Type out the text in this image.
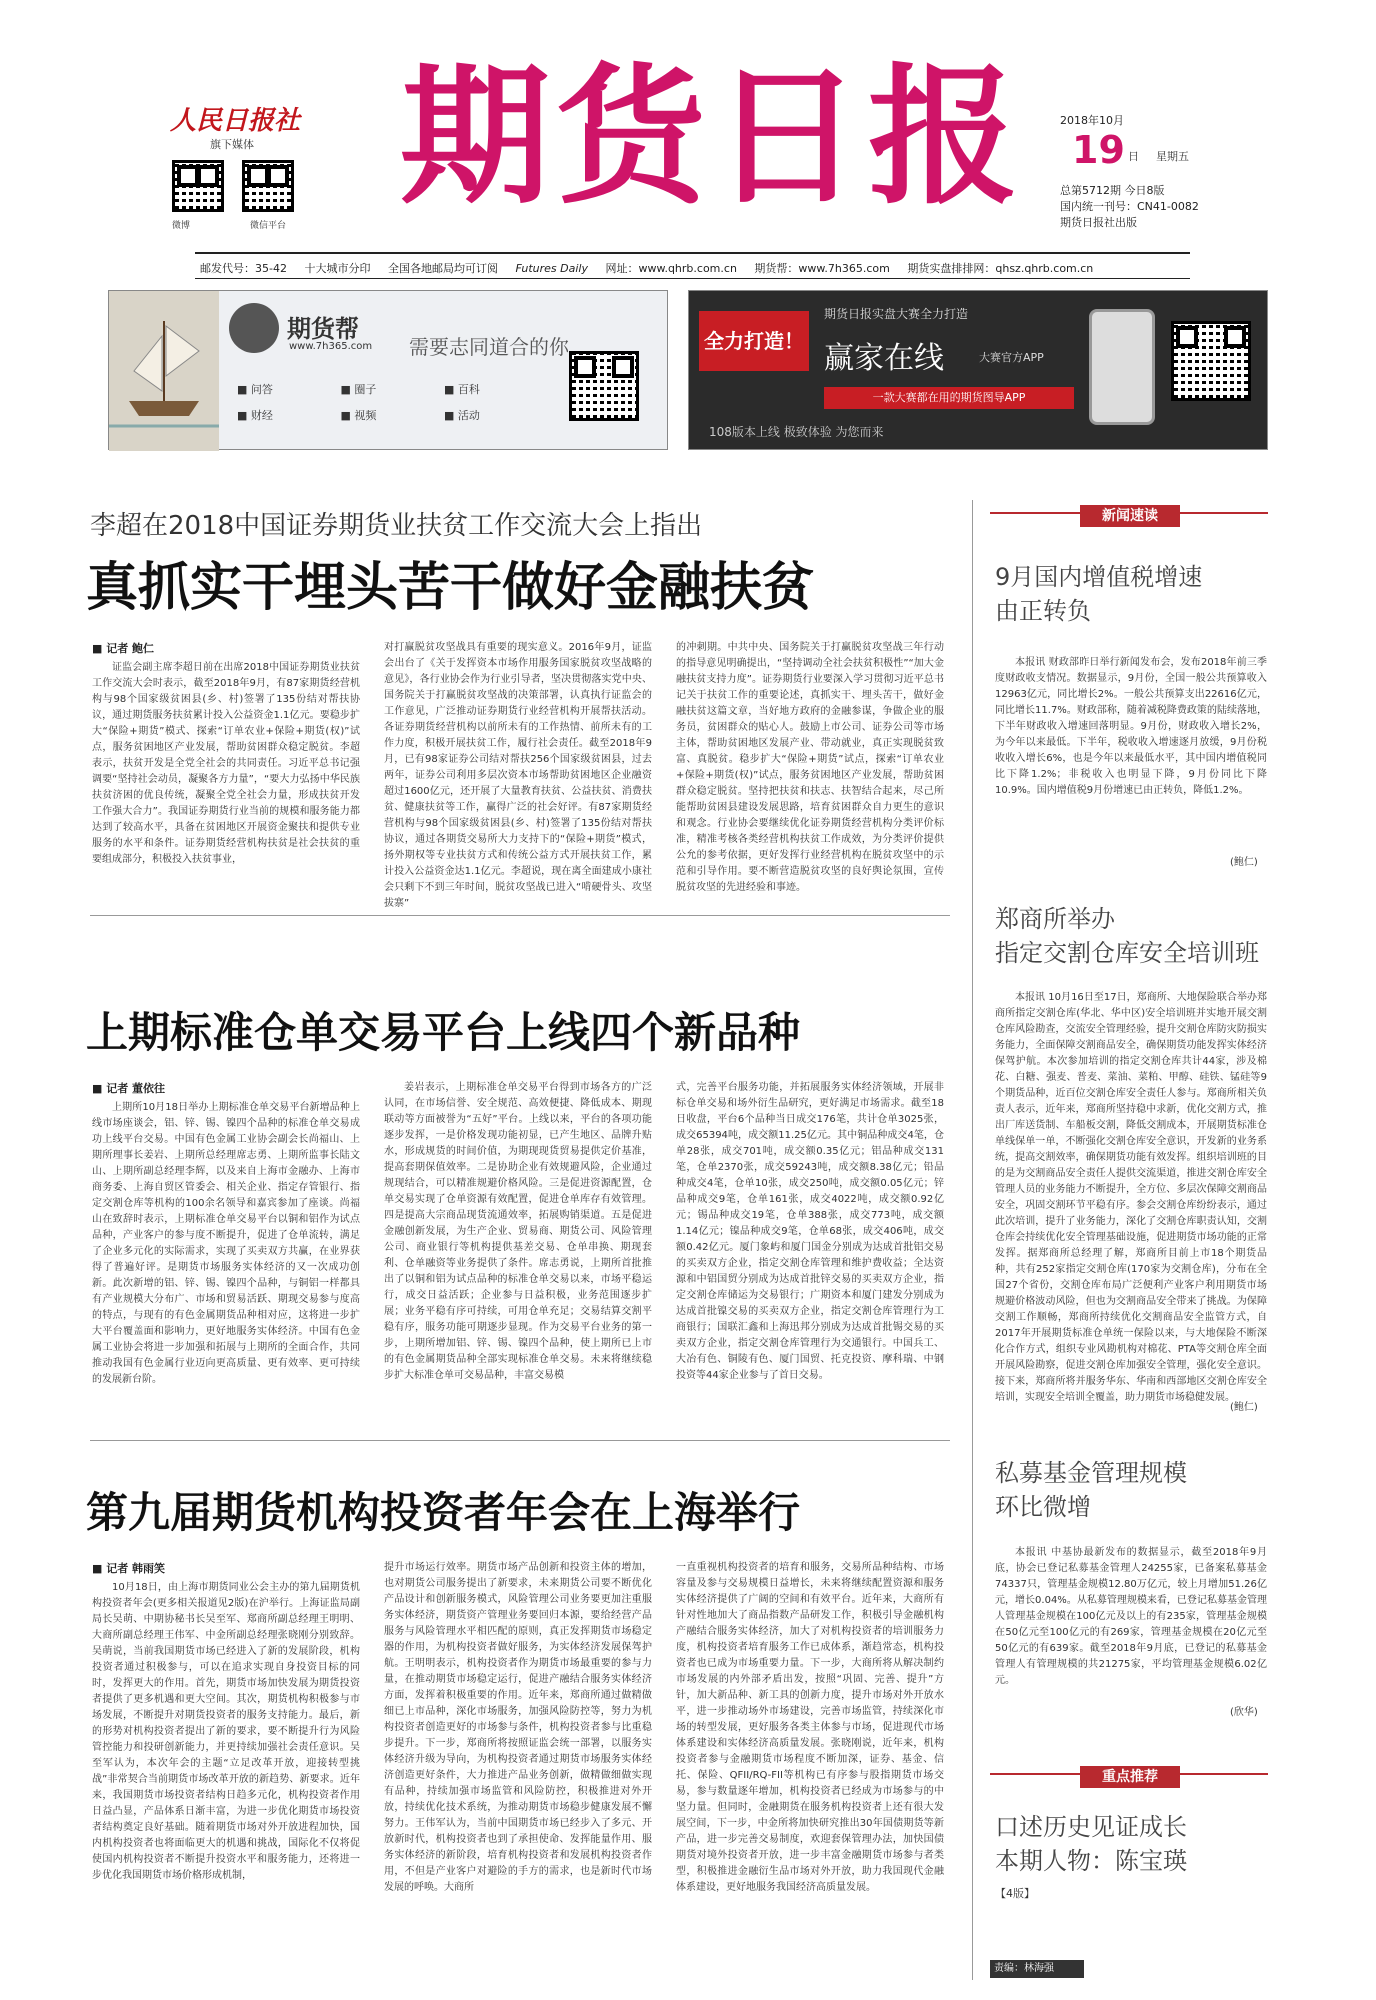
人民日报社
旗下媒体
微博	微信平台
期货日报	2018年10月
19 日 星期五
总第5712期 今日8版
国内统一刊号：CN41-0082
期货日报社出版
邮发代号：35-42 十大城市分印 全国各地邮局均可订阅 Futures Daily 网址：www.qhrb.com.cn 期货帮：www.7h365.com 期货实盘排排网：qhsz.qhrb.com.cn
期货帮
www.7h365.com 需要志同道合的你
■ 问答	■ 圈子	■ 百科 ■ 财经	■ 视频	■ 活动
全力打造！
期货日报实盘大赛全力打造
赢家在线	大赛官方APP
一款大赛都在用的期货图导APP
108版本上线 极致体验 为您而来
李超在2018中国证券期货业扶贫工作交流大会上指出
真抓实干埋头苦干做好金融扶贫
■ 记者 鲍仁

证监会副主席李超日前在出席2018中国证券期货业扶贫工作交流大会时表示，截至2018年9月，有87家期货经营机构与98个国家级贫困县(乡、村)签署了135份结对帮扶协议，通过期货服务扶贫累计投入公益资金1.1亿元。要稳步扩大“保险+期货”模式、探索“订单农业+保险+期货(权)”试点，服务贫困地区产业发展，帮助贫困群众稳定脱贫。李超表示，扶贫开发是全党全社会的共同责任。习近平总书记强调要“坚持社会动员，凝聚各方力量”，“要大力弘扬中华民族扶贫济困的优良传统，凝聚全党全社会力量，形成扶贫开发工作强大合力”。我国证券期货行业当前的规模和服务能力都达到了较高水平，具备在贫困地区开展资金聚扶和提供专业服务的水平和条件。证券期货经营机构扶贫是社会扶贫的重要组成部分，积极投入扶贫事业，

对打赢脱贫攻坚战具有重要的现实意义。2016年9月，证监会出台了《关于发挥资本市场作用服务国家脱贫攻坚战略的意见》，各行业协会作为行业引导者，坚决贯彻落实党中央、国务院关于打赢脱贫攻坚战的决策部署，认真执行证监会的工作意见，广泛推动证券期货行业经营机构开展帮扶活动。各证券期货经营机构以前所未有的工作热情、前所未有的工作力度，积极开展扶贫工作，履行社会责任。截至2018年9月，已有98家证券公司结对帮扶256个国家级贫困县，过去两年，证券公司利用多层次资本市场帮助贫困地区企业融资超过1600亿元，还开展了大量教育扶贫、公益扶贫、消费扶贫、健康扶贫等工作，赢得广泛的社会好评。有87家期货经营机构与98个国家级贫困县(乡、村)签署了135份结对帮扶协议，通过各期货交易所大力支持下的“保险+期货”模式，扬外期权等专业扶贫方式和传统公益方式开展扶贫工作，累计投入公益资金达1.1亿元。李超说，现在离全面建成小康社会只剩下不到三年时间，脱贫攻坚战已进入“啃硬骨头、攻坚拔寨”

的冲刺期。中共中央、国务院关于打赢脱贫攻坚战三年行动的指导意见明确提出，“坚持调动全社会扶贫积极性”“加大金融扶贫支持力度”。证券期货行业要深入学习贯彻习近平总书记关于扶贫工作的重要论述，真抓实干、埋头苦干，做好金融扶贫这篇文章，当好地方政府的金融参谋，争做企业的服务员，贫困群众的贴心人。鼓励上市公司、证券公司等市场主体，帮助贫困地区发展产业、带动就业，真正实现脱贫致富、真脱贫。稳步扩大“保险+期货”试点，探索“订单农业+保险+期货(权)”试点，服务贫困地区产业发展，帮助贫困群众稳定脱贫。坚持把扶贫和扶志、扶智结合起来，尽己所能帮助贫困县建设发展思路，培育贫困群众自力更生的意识和观念。行业协会要继续优化证券期货经营机构分类评价标准，精准考核各类经营机构扶贫工作成效，为分类评价提供公允的参考依据，更好发挥行业经营机构在脱贫攻坚中的示范和引导作用。要不断营造脱贫攻坚的良好舆论氛围，宣传脱贫攻坚的先进经验和事迹。

上期标准仓单交易平台上线四个新品种
■ 记者 董依往

上期所10月18日举办上期标准仓单交易平台新增品种上线市场座谈会，铝、锌、锡、镍四个品种的标准仓单交易成功上线平台交易。中国有色金属工业协会副会长尚福山、上期所理事长姜岩、上期所总经理席志勇、上期所监事长陆文山、上期所副总经理李辉，以及来自上海市金融办、上海市商务委、上海自贸区管委会、相关企业、指定存管银行、指定交割仓库等机构的100余名领导和嘉宾参加了座谈。尚福山在致辞时表示，上期标准仓单交易平台以铜和铝作为试点品种，产业客户的参与度不断提升，促进了仓单流转，满足了企业多元化的实际需求，实现了买卖双方共赢，在业界获得了普遍好评。是期货市场服务实体经济的又一次成功创新。此次新增的铝、锌、锡、镍四个品种，与铜铝一样都具有产业规模大分布广、市场和贸易活跃、期现交易参与度高的特点，与现有的有色金属期货品种相对应，这将进一步扩大平台覆盖面和影响力，更好地服务实体经济。中国有色金属工业协会将进一步加强和拓展与上期所的全面合作，共同推动我国有色金属行业迈向更高质量、更有效率、更可持续的发展新台阶。

姜岩表示，上期标准仓单交易平台得到市场各方的广泛认同，在市场信誉、安全规范、高效便捷、降低成本、期现联动等方面被誉为“五好”平台。上线以来，平台的各项功能逐步发挥，一是价格发现功能初显，已产生地区、品牌升贴水，形成规货的时间价值，为期现现货贸易提供定价基准，提高套期保值效率。二是协助企业有效规避风险，企业通过规现结合，可以精准规避价格风险。三是促进资源配置，仓单交易实现了仓单资源有效配置，促进仓单库存有效管理。四是提高大宗商品现货流通效率，拓展购销渠道。五是促进金融创新发展，为生产企业、贸易商、期货公司、风险管理公司、商业银行等机构提供基差交易、仓单串换、期现套利、仓单融资等业务提供了条件。席志勇说，上期所首批推出了以铜和铝为试点品种的标准仓单交易以来，市场平稳运行，成交日益活跃；企业参与日益积极，业务范围逐步扩展；业务平稳有序可持续，可用仓单充足；交易结算交割平稳有序，服务功能可期逐步显现。作为交易平台业务的第一步，上期所增加铝、锌、锡、镍四个品种，使上期所已上市的有色金属期货品种全部实现标准仓单交易。未来将继续稳步扩大标准仓单可交易品种，丰富交易模

式，完善平台服务功能，并拓展服务实体经济领域，开展非标仓单交易和场外衍生品研究，更好满足市场需求。截至18日收盘，平台6个品种当日成交176笔，共计仓单3025张，成交65394吨，成交额11.25亿元。其中铜品种成交4笔，仓单28张，成交701吨，成交额0.35亿元；铝品种成交131笔，仓单2370张，成交59243吨，成交额8.38亿元；铅品种成交4笔，仓单10张，成交250吨，成交额0.05亿元；锌品种成交9笔，仓单161张，成交4022吨，成交额0.92亿元；锡品种成交19笔，仓单388张，成交773吨，成交额1.14亿元；镍品种成交9笔，仓单68张，成交406吨，成交额0.42亿元。厦门象屿和厦门国金分别成为达成首批铝交易的买卖双方企业，指定交割仓库管理和维护费收益；全达资源和中铝国贸分别成为达成首批锌交易的买卖双方企业，指定交割仓库储运为交易银行；广期资本和厦门建发分别成为达成首批镍交易的买卖双方企业，指定交割仓库管理行为工商银行；国联汇鑫和上海迅邦分别成为达成首批锡交易的买卖双方企业，指定交割仓库管理行为交通银行。中国兵工、大冶有色、铜陵有色、厦门国贸、托克投资、摩科瑞、中钢投资等44家企业参与了首日交易。

第九届期货机构投资者年会在上海举行
■ 记者 韩雨笑

10月18日，由上海市期货同业公会主办的第九届期货机构投资者年会(更多相关报道见2版)在沪举行。上海证监局副局长吴萌、中期协秘书长吴至军、郑商所副总经理王明明、大商所副总经理王伟军、中金所副总经理张晓刚分别致辞。吴萌说，当前我国期货市场已经进入了新的发展阶段，机构投资者通过积极参与，可以在追求实现自身投资目标的同时，发挥更大的作用。首先，期货市场加快发展为期货投资者提供了更多机遇和更大空间。其次，期货机构积极参与市场发展，不断提升对期货投资者的服务支持能力。最后，新的形势对机构投资者提出了新的要求，要不断提升行为风险管控能力和投研创新能力，并更持续加强社会责任意识。吴至军认为，本次年会的主题“立足改革开放，迎接转型挑战”非常契合当前期货市场改革开放的新趋势、新要求。近年来，我国期货市场投资者结构日趋多元化，机构投资者作用日益凸显，产品体系日渐丰富，为进一步优化期货市场投资者结构奠定良好基础。随着期货市场对外开放进程加快，国内机构投资者也将面临更大的机遇和挑战，国际化不仅将促使国内机构投资者不断提升投资水平和服务能力，还将进一步优化我国期货市场价格形成机制，

提升市场运行效率。期货市场产品创新和投资主体的增加，也对期货公司服务提出了新要求，未来期货公司要不断优化产品设计和创新服务模式，风险管理公司业务要更加注重服务实体经济，期货资产管理业务要回归本源，要给经营产品服务与风险管理水平相匹配的原则，真正发挥期货市场稳定器的作用，为机构投资者做好服务，为实体经济发展保驾护航。王明明表示，机构投资者作为期货市场最重要的参与力量，在推动期货市场稳定运行，促进产融结合服务实体经济方面，发挥着积极重要的作用。近年来，郑商所通过做精做细已上市品种，深化市场服务，加强风险防控等，努力为机构投资者创造更好的市场参与条件，机构投资者参与比重稳步提升。下一步，郑商所将按照证监会统一部署，以服务实体经济升级为导向，为机构投资者通过期货市场服务实体经济创造更好条件，大力推进产品业务创新，做精做细做实现有品种，持续加强市场监管和风险防控，积极推进对外开放，持续优化技术系统，为推动期货市场稳步健康发展不懈努力。王伟军认为，当前中国期货市场已经步入了多元、开放新时代，机构投资者也到了承担使命、发挥能量作用、服务实体经济的新阶段，培育机构投资者和发展机构投资者作用，不但是产业客户对避险的手方的需求，也是新时代市场发展的呼唤。大商所

一直重视机构投资者的培育和服务，交易所品种结构、市场容量及参与交易规模日益增长，未来将继续配置资源和服务实体经济提供了广阔的空间和有效平台。近年来，大商所有针对性地加大了商品指数产品研发工作，积极引导金融机构产融结合服务实体经济，加大了对机构投资者的培训服务力度，机构投资者培育服务工作已成体系，渐趋常态，机构投资者也已成为市场重要力量。下一步，大商所将从解决制约市场发展的内外部矛盾出发，按照“巩固、完善、提升”方针，加大新品种、新工具的创新力度，提升市场对外开放水平，进一步推动场外市场建设，完善市场监管，持续深化市场的转型发展，更好服务各类主体参与市场，促进现代市场体系建设和实体经济高质量发展。张晓刚说，近年来，机构投资者参与金融期货市场程度不断加深，证券、基金、信托、保险、QFII/RQ-FII等机构已有序参与股指期货市场交易，参与数量逐年增加，机构投资者已经成为市场参与的中坚力量。但同时，金融期货在服务机构投资者上还有很大发展空间，下一步，中金所将加快研究推出30年国债期货等新产品，进一步完善交易制度，欢迎套保管理办法，加快国债期货对境外投资者开放，进一步丰富金融期货市场参与者类型，积极推进金融衍生品市场对外开放，助力我国现代金融体系建设，更好地服务我国经济高质量发展。

新闻速读
9月国内增值税增速
由正转负

本报讯 财政部昨日举行新闻发布会，发布2018年前三季度财政收支情况。数据显示，9月份，全国一般公共预算收入12963亿元，同比增长2%。一般公共预算支出22616亿元，同比增长11.7%。财政部称，随着减税降费政策的陆续落地，下半年财政收入增速回落明显。9月份，财政收入增长2%，为今年以来最低。下半年，税收收入增速逐月放缓，9月份税收收入增长6%，也是今年以来最低水平，其中国内增值税同比下降1.2%；非税收入也明显下降，9月份同比下降10.9%。国内增值税9月份增速已由正转负，降低1.2%。

(鲍仁)
郑商所举办
指定交割仓库安全培训班

本报讯 10月16日至17日，郑商所、大地保险联合举办郑商所指定交割仓库(华北、华中区)安全培训班并实地开展交割仓库风险勘查，交流安全管理经验，提升交割仓库防灾防损实务能力，全面保障交割商品安全，确保期货功能发挥实体经济保驾护航。本次参加培训的指定交割仓库共计44家，涉及棉花、白糖、强麦、普麦、菜油、菜粕、甲醇、硅铁、锰硅等9个期货品种，近百位交割仓库安全责任人参与。郑商所相关负责人表示，近年来，郑商所坚持稳中求新，优化交割方式，推出厂库送货制、车船板交割，降低交割成本，开展期货标准仓单线保单一单，不断强化交割仓库安全意识，开发新的业务系统，提高交割效率，确保期货功能有效发挥。组织培训班的目的是为交割商品安全责任人提供交流渠道，推进交割仓库安全管理人员的业务能力不断提升，全方位、多层次保障交割商品安全，巩固交割环节平稳有序。参会交割仓库纷纷表示，通过此次培训，提升了业务能力，深化了交割仓库职责认知，交割仓库会持续优化安全管理基础设施，促进期货市场功能的正常发挥。据郑商所总经理了解，郑商所目前上市18个期货品种，共有252家指定交割仓库(170家为交割仓库)，分布在全国27个省份，交割仓库布局广泛便利产业客户利用期货市场规避价格波动风险，但也为交割商品安全带来了挑战。为保障交割工作顺畅，郑商所持续优化交割商品安全监管方式，自2017年开展期货标准仓单统一保险以来，与大地保险不断深化合作方式，组织专业风勘机构对棉花、PTA等交割仓库全面开展风险勘察，促进交割仓库加强安全管理，强化安全意识。接下来，郑商所将并服务华东、华南和西部地区交割仓库安全培训，实现安全培训全覆盖，助力期货市场稳健发展。

(鲍仁)
私募基金管理规模
环比微增

本报讯 中基协最新发布的数据显示，截至2018年9月底，协会已登记私募基金管理人24255家，已备案私募基金74337只，管理基金规模12.80万亿元，较上月增加51.26亿元，增长0.04%。从私募管理规模来看，已登记私募基金管理人管理基金规模在100亿元及以上的有235家，管理基金规模在50亿元至100亿元的有269家，管理基金规模在20亿元至50亿元的有639家。截至2018年9月底，已登记的私募基金管理人有管理规模的共21275家，平均管理基金规模6.02亿元。

(欣华)
重点推荐
口述历史见证成长
本期人物：陈宝瑛
【4版】
责编：林海强
